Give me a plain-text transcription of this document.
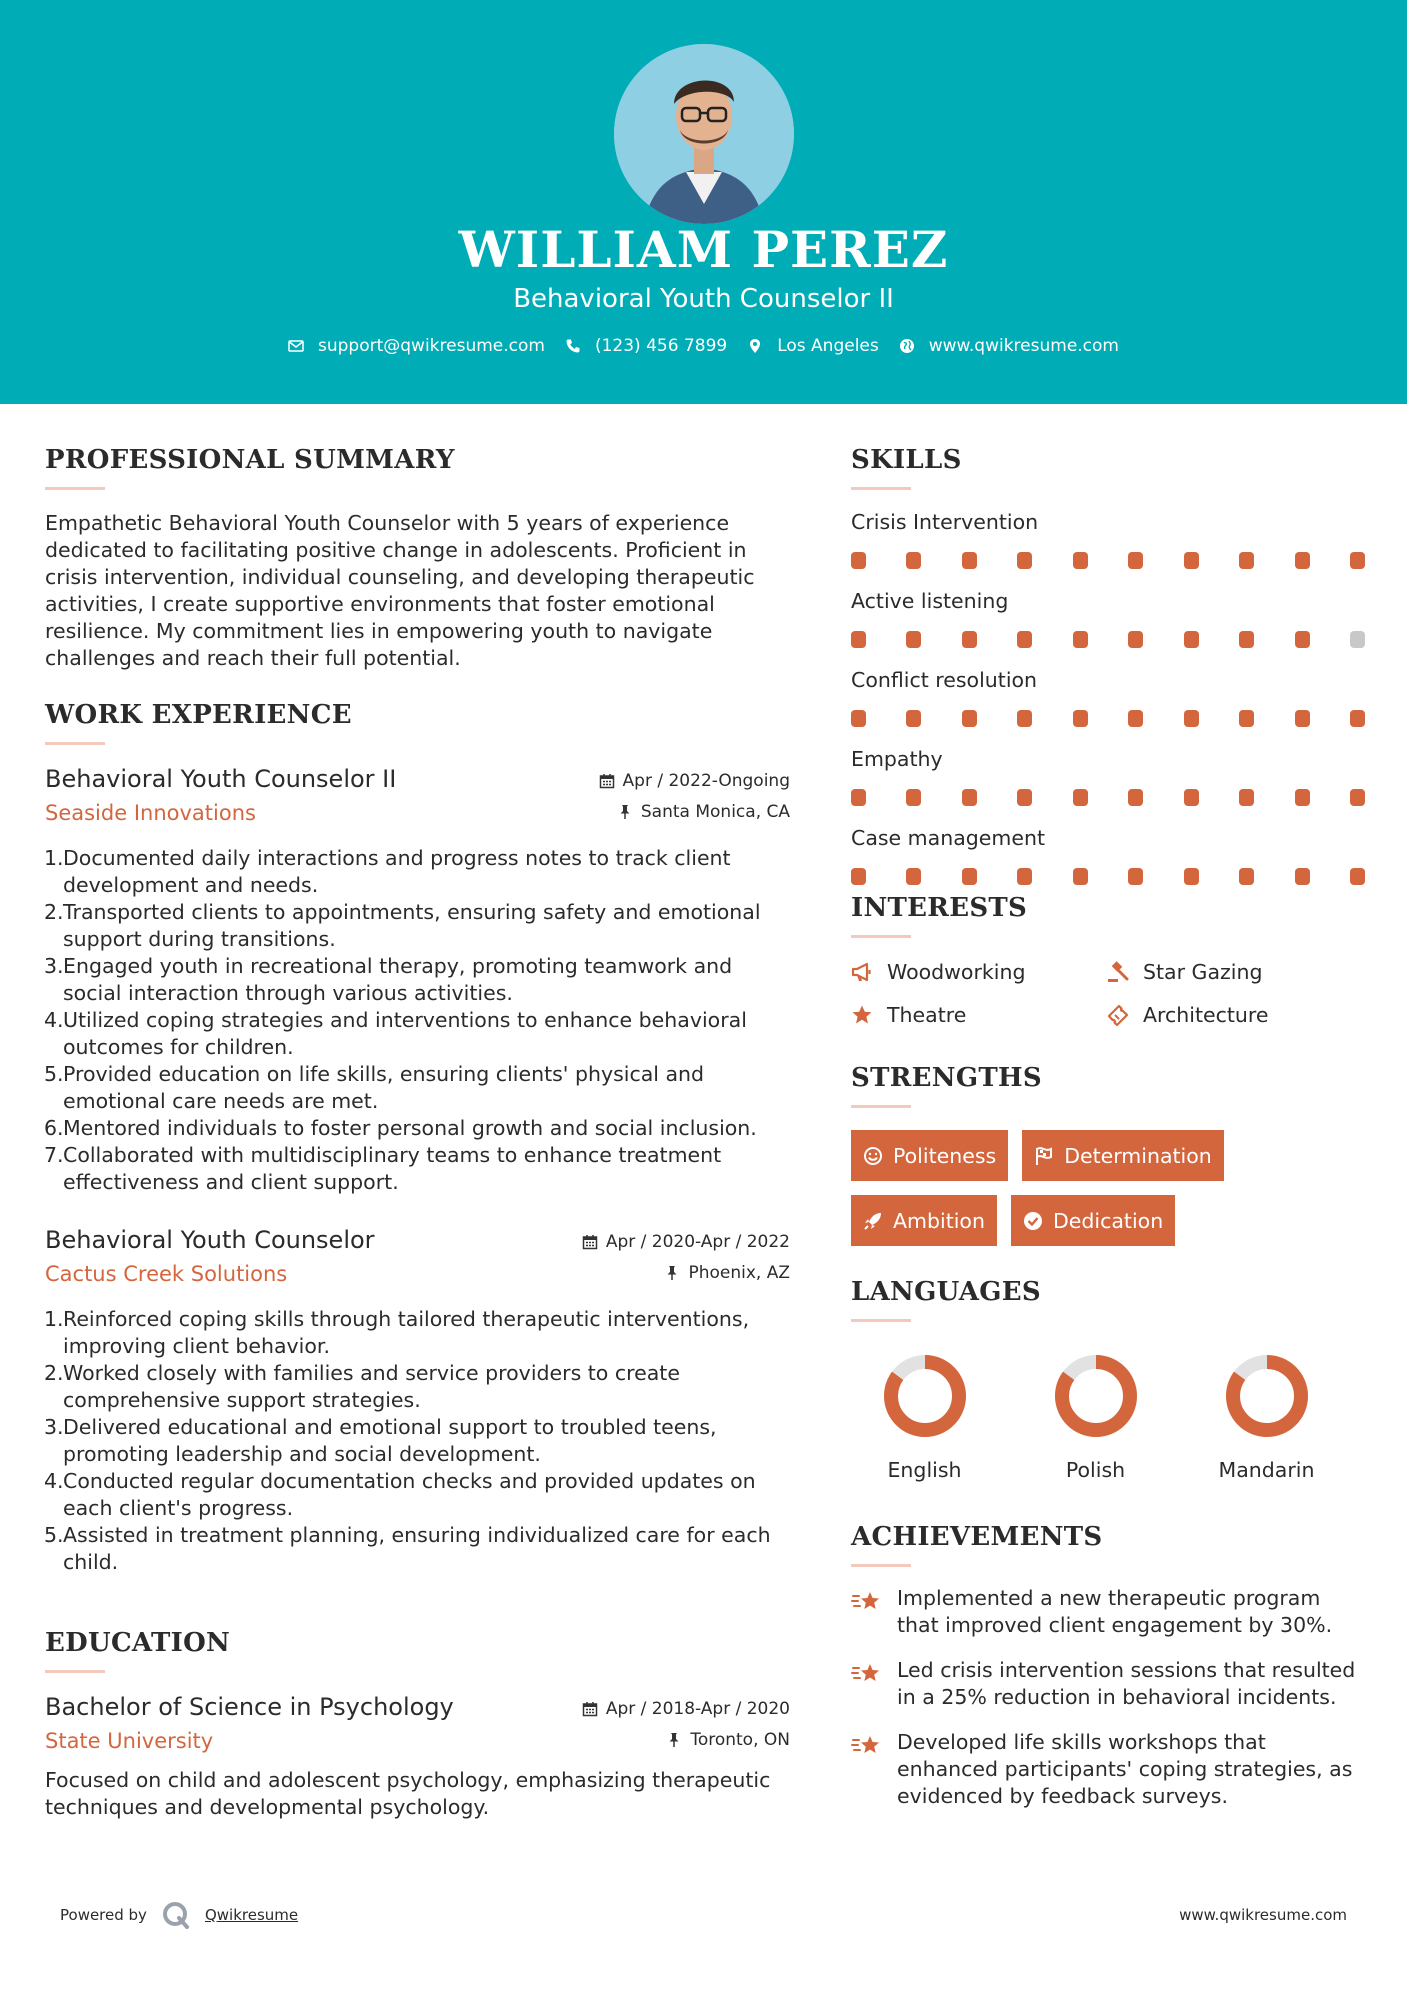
WILLIAM PEREZ
Behavioral Youth Counselor II
support@qwikresume.com	(123) 456 7899	Los Angeles	www.qwikresume.com
PROFESSIONAL SUMMARY

Empathetic Behavioral Youth Counselor with 5 years of experience dedicated to facilitating positive change in adolescents. Proficient in crisis intervention, individual counseling, and developing therapeutic activities, I create supportive environments that foster emotional resilience. My commitment lies in empowering youth to navigate challenges and reach their full potential.

WORK EXPERIENCE
Behavioral Youth Counselor II
Seaside Innovations
Apr / 2022-Ongoing
Santa Monica, CA
Documented daily interactions and progress notes to track client development and needs.
Transported clients to appointments, ensuring safety and emotional support during transitions.
Engaged youth in recreational therapy, promoting teamwork and social interaction through various activities.
Utilized coping strategies and interventions to enhance behavioral outcomes for children.
Provided education on life skills, ensuring clients' physical and emotional care needs are met.
Mentored individuals to foster personal growth and social inclusion.
Collaborated with multidisciplinary teams to enhance treatment effectiveness and client support.
Behavioral Youth Counselor
Cactus Creek Solutions
Apr / 2020-Apr / 2022
Phoenix, AZ
Reinforced coping skills through tailored therapeutic interventions, improving client behavior.
Worked closely with families and service providers to create comprehensive support strategies.
Delivered educational and emotional support to troubled teens, promoting leadership and social development.
Conducted regular documentation checks and provided updates on each client's progress.
Assisted in treatment planning, ensuring individualized care for each child.
EDUCATION
Bachelor of Science in Psychology
State University
Apr / 2018-Apr / 2020
Toronto, ON

Focused on child and adolescent psychology, emphasizing therapeutic techniques and developmental psychology.

SKILLS
Crisis Intervention
Active listening
Conflict resolution
Empathy
Case management
INTERESTS
Woodworking	Star Gazing
Theatre	Architecture
STRENGTHS
Politeness	Determination
Ambition	Dedication
LANGUAGES
English	Polish	Mandarin
ACHIEVEMENTS
Implemented a new therapeutic program that improved client engagement by 30%.
Led crisis intervention sessions that resulted in a 25% reduction in behavioral incidents.
Developed life skills workshops that enhanced participants' coping strategies, as evidenced by feedback surveys.
Powered by	Qwikresume	www.qwikresume.com
